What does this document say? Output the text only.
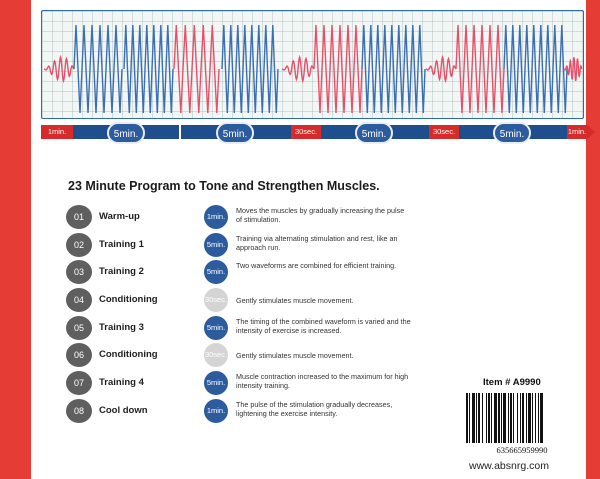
1min.	5min.	5min.	30sec.	5min.	30sec.	5min.	1min.
23 Minute Program to Tone and Strengthen Muscles.
01	Warm-up	1min.
Moves the muscles by gradually increasing the pulse of stimulation.
02	Training 1	5min.
Training via alternating stimulation and rest, like an approach run.
03	Training 2	5min.
Two waveforms are combined for efficient training.
04	Conditioning	30sec. Gently stimulates muscle movement.
05	Training 3	5min.
The timing of the combined waveform is varied and the intensity of exercise is increased.
06	Conditioning	30sec. Gently stimulates muscle movement.
07	Training 4	5min.
Muscle contraction increased to the maximum for high intensity training.
08	Cool down	1min.
The pulse of the stimulation gradually decreases, lightening the exercise intensity.
Item # A9990
635665959990
www.absnrg.com
